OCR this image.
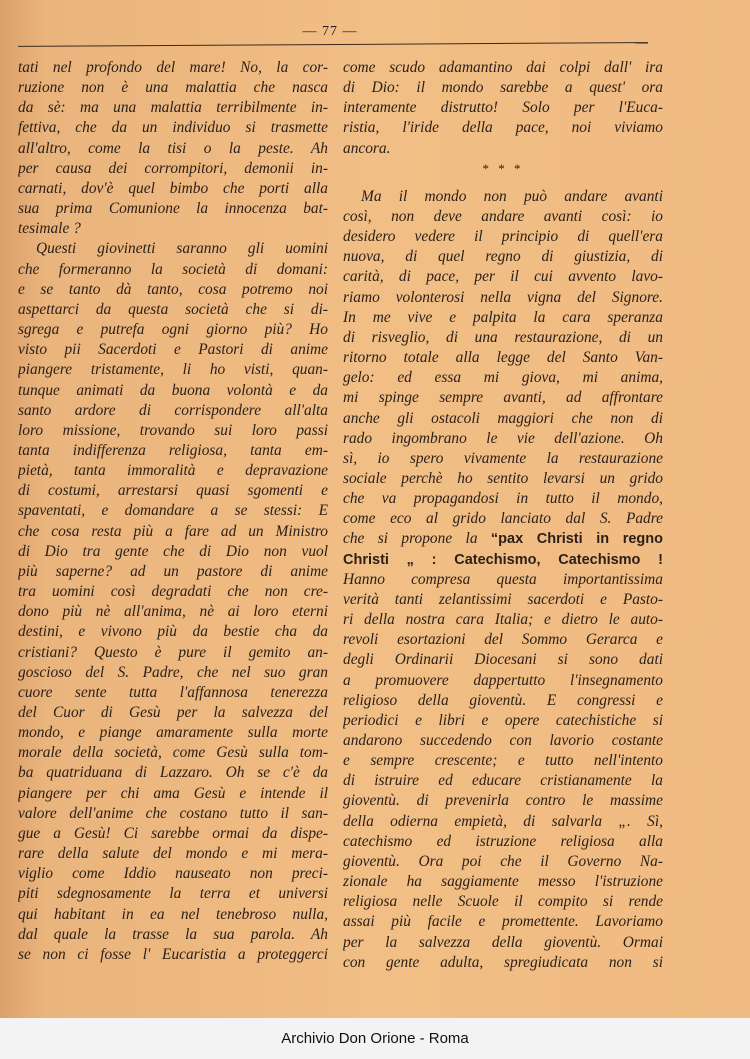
— 77 —
tati nel profondo del mare! No, la cor-
ruzione non è una malattia che nasca
da sè: ma una malattia terribilmente in-
fettiva, che da un individuo si trasmette
all'altro, come la tisi o la peste. Ah
per causa dei corrompitori, demonii in-
carnati, dov'è quel bimbo che porti alla
sua prima Comunione la innocenza bat-
tesimale ?
Questi giovinetti saranno gli uomini
che formeranno la società di domani:
e se tanto dà tanto, cosa potremo noi
aspettarci da questa società che si di-
sgrega e putrefa ogni giorno più? Ho
visto pii Sacerdoti e Pastori di anime
piangere tristamente, li ho visti, quan-
tunque animati da buona volontà e da
santo ardore di corrispondere all'alta
loro missione, trovando sui loro passi
tanta indifferenza religiosa, tanta em-
pietà, tanta immoralità e depravazione
di costumi, arrestarsi quasi sgomenti e
spaventati, e domandare a se stessi: E
che cosa resta più a fare ad un Ministro
di Dio tra gente che di Dio non vuol
più saperne? ad un pastore di anime
tra uomini così degradati che non cre-
dono più nè all'anima, nè ai loro eterni
destini, e vivono più da bestie cha da
cristiani? Questo è pure il gemito an-
goscioso del S. Padre, che nel suo gran
cuore sente tutta l'affannosa tenerezza
del Cuor di Gesù per la salvezza del
mondo, e piange amaramente sulla morte
morale della società, come Gesù sulla tom-
ba quatriduana di Lazzaro. Oh se c'è da
piangere per chi ama Gesù e intende il
valore dell'anime che costano tutto il san-
gue a Gesù! Ci sarebbe ormai da dispe-
rare della salute del mondo e mi mera-
viglio come Iddio nauseato non preci-
piti sdegnosamente la terra et universi
qui habitant in ea nel tenebroso nulla,
dal quale la trasse la sua parola. Ah
se non ci fosse l' Eucaristia a proteggerci
come scudo adamantino dai colpi dall' ira
di Dio: il mondo sarebbe a quest' ora
interamente distrutto! Solo per l'Euca-
ristia, l'iride della pace, noi viviamo
ancora.
* * *
Ma il mondo non può andare avanti
così, non deve andare avanti così: io
desidero vedere il principio di quell'era
nuova, di quel regno di giustizia, di
carità, di pace, per il cui avvento lavo-
riamo volonterosi nella vigna del Signore.
In me vive e palpita la cara speranza
di risveglio, di una restaurazione, di un
ritorno totale alla legge del Santo Van-
gelo: ed essa mi giova, mi anima,
mi spinge sempre avanti, ad affrontare
anche gli ostacoli maggiori che non di
rado ingombrano le vie dell'azione. Oh
sì, io spero vivamente la restaurazione
sociale perchè ho sentito levarsi un grido
che va propagandosi in tutto il mondo,
come eco al grido lanciato dal S. Padre
che si propone la “pax Christi in regno
Christi „ : Catechismo, Catechismo !
Hanno compresa questa importantissima
verità tanti zelantissimi sacerdoti e Pasto-
ri della nostra cara Italia; e dietro le auto-
revoli esortazioni del Sommo Gerarca e
degli Ordinarii Diocesani si sono dati
a promuovere dappertutto l'insegnamento
religioso della gioventù. E congressi e
periodici e libri e opere catechistiche si
andarono succedendo con lavorio costante
e sempre crescente; e tutto nell'intento
di istruire ed educare cristianamente la
gioventù. di prevenirla contro le massime
della odierna empietà, di salvarla „. Sì,
catechismo ed istruzione religiosa alla
gioventù. Ora poi che il Governo Na-
zionale ha saggiamente messo l'istruzione
religiosa nelle Scuole il compito si rende
assai più facile e promettente. Lavoriamo
per la salvezza della gioventù. Ormai
con gente adulta, spregiudicata non si
Archivio Don Orione - Roma
